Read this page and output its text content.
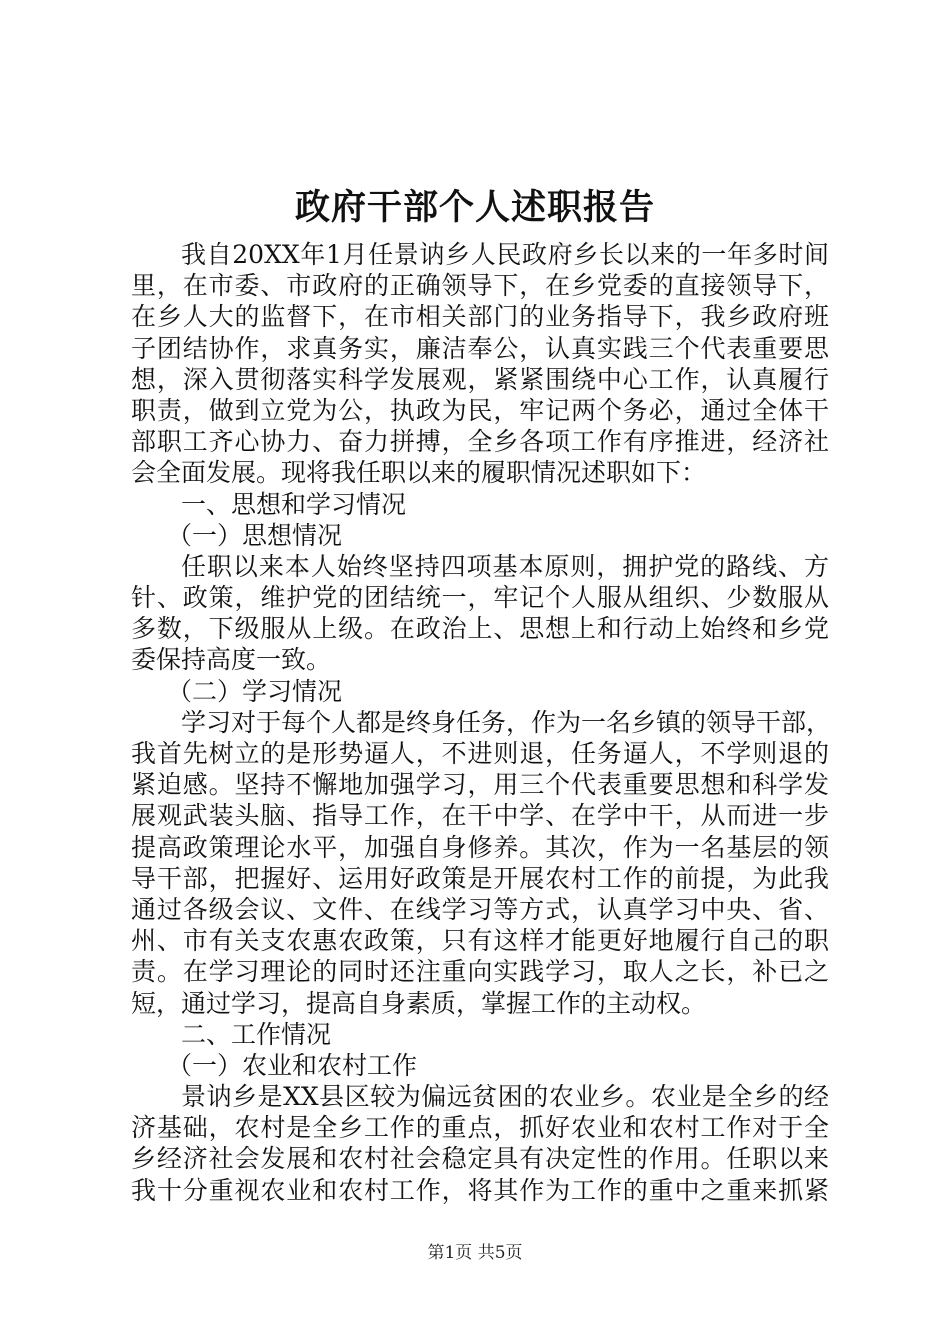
政府干部个人述职报告
我自20XX年1月任景讷乡人民政府乡长以来的一年多时间
里，在市委、市政府的正确领导下，在乡党委的直接领导下，
在乡人大的监督下，在市相关部门的业务指导下，我乡政府班
子团结协作，求真务实，廉洁奉公，认真实践三个代表重要思
想，深入贯彻落实科学发展观，紧紧围绕中心工作，认真履行
职责，做到立党为公，执政为民，牢记两个务必，通过全体干
部职工齐心协力、奋力拼搏，全乡各项工作有序推进，经济社
会全面发展。现将我任职以来的履职情况述职如下：
一、思想和学习情况
（一）思想情况
任职以来本人始终坚持四项基本原则，拥护党的路线、方
针、政策，维护党的团结统一，牢记个人服从组织、少数服从
多数，下级服从上级。在政治上、思想上和行动上始终和乡党
委保持高度一致。
（二）学习情况
学习对于每个人都是终身任务，作为一名乡镇的领导干部，
我首先树立的是形势逼人，不进则退，任务逼人，不学则退的
紧迫感。坚持不懈地加强学习，用三个代表重要思想和科学发
展观武装头脑、指导工作，在干中学、在学中干，从而进一步
提高政策理论水平，加强自身修养。其次，作为一名基层的领
导干部，把握好、运用好政策是开展农村工作的前提，为此我
通过各级会议、文件、在线学习等方式，认真学习中央、省、
州、市有关支农惠农政策，只有这样才能更好地履行自己的职
责。在学习理论的同时还注重向实践学习，取人之长，补已之
短，通过学习，提高自身素质，掌握工作的主动权。
二、工作情况
（一）农业和农村工作
景讷乡是XX县区较为偏远贫困的农业乡。农业是全乡的经
济基础，农村是全乡工作的重点，抓好农业和农村工作对于全
乡经济社会发展和农村社会稳定具有决定性的作用。任职以来
我十分重视农业和农村工作，将其作为工作的重中之重来抓紧
第1页 共5页
